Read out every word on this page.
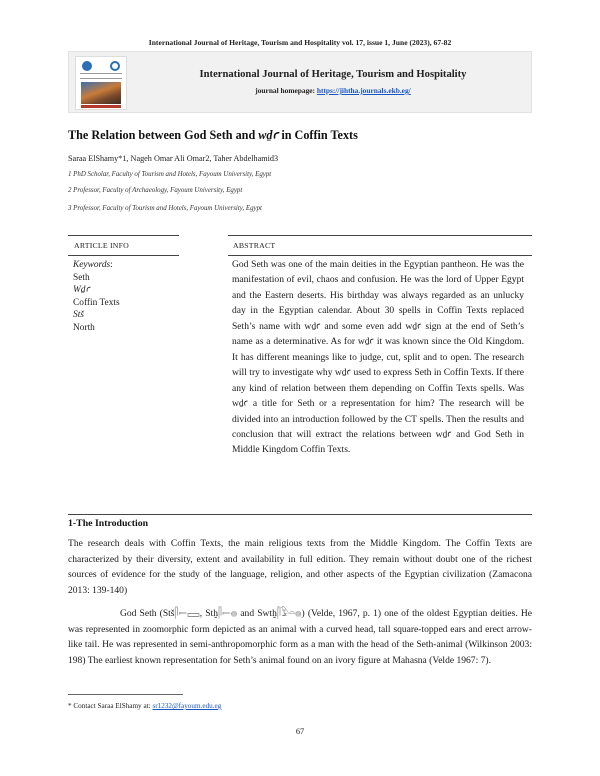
International Journal of Heritage, Tourism and Hospitality vol. 17, issue 1, June (2023), 67-82
International Journal of Heritage, Tourism and Hospitality
journal homepage: https://jihtha.journals.ekb.eg/
The Relation between God Seth and wḏꜥ in Coffin Texts
Saraa ElShamy*1, Nageh Omar Ali Omar2, Taher Abdelhamid3
1 PhD Scholar, Faculty of Tourism and Hotels, Fayoum University, Egypt
2 Professor, Faculty of Archaeology, Fayoum University, Egypt
3 Professor, Faculty of Tourism and Hotels, Fayoum University, Egypt
ARTICLE INFO	ABSTRACT
Keywords:
Seth
Wḏꜥ
Coffin Texts
Stš
North
God Seth was one of the main deities in the Egyptian pantheon. He was the manifestation of evil, chaos and confusion. He was the lord of Upper Egypt and the Eastern deserts. His birthday was always regarded as an unlucky day in the Egyptian calendar. About 30 spells in Coffin Texts replaced Seth’s name with wḏꜥ and some even add wḏꜥ sign at the end of Seth’s name as a determinative. As for wḏꜥ it was known since the Old Kingdom. It has different meanings like to judge, cut, split and to open. The research will try to investigate why wḏꜥ used to express Seth in Coffin Texts. If there any kind of relation between them depending on Coffin Texts spells. Was wḏꜥ a title for Seth or a representation for him? The research will be divided into an introduction followed by the CT spells. Then the results and conclusion that will extract the relations between wḏꜥ and God Seth in Middle Kingdom Coffin Texts.
1-The Introduction
The research deals with Coffin Texts, the main religious texts from the Middle Kingdom. The Coffin Texts are characterized by their diversity, extent and availability in full edition. They remain without doubt one of the richest sources of evidence for the study of the language, religion, and other aspects of the Egyptian civilization (Zamacona 2013: 139-140)
God Seth (Stš𓋴𓍿𓈙, Stḫ𓋴𓍿𓐍 and Swtḫ𓋴𓅱𓏏𓐍) (Velde, 1967, p. 1) one of the oldest Egyptian deities. He was represented in zoomorphic form depicted as an animal with a curved head, tall square-topped ears and erect arrow-like tail. He was represented in semi-anthropomorphic form as a man with the head of the Seth-animal (Wilkinson 2003: 198) The earliest known representation for Seth’s animal found on an ivory figure at Mahasna (Velde 1967: 7).
* Contact Saraa ElShamy at: sr1232@fayoum.edu.eg
67
